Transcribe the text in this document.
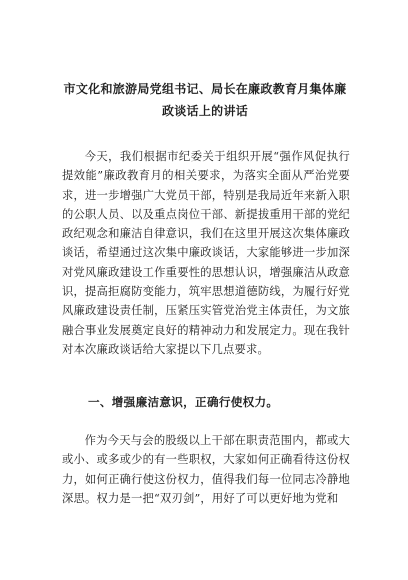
市文化和旅游局党组书记、局长在廉政教育月集体廉政谈话上的讲话

今天，我们根据市纪委关于组织开展“强作风促执行提效能”廉政教育月的相关要求，为落实全面从严治党要求，进一步增强广大党员干部，特别是我局近年来新入职的公职人员、以及重点岗位干部、新提拔重用干部的党纪政纪观念和廉洁自律意识，我们在这里开展这次集体廉政谈话，希望通过这次集中廉政谈话，大家能够进一步加深对党风廉政建设工作重要性的思想认识，增强廉洁从政意识，提高拒腐防变能力，筑牢思想道德防线，为履行好党风廉政建设责任制，压紧压实管党治党主体责任，为文旅融合事业发展奠定良好的精神动力和发展定力。现在我针对本次廉政谈话给大家提以下几点要求。

一、增强廉洁意识，正确行使权力。

作为今天与会的股级以上干部在职责范围内，都或大或小、或多或少的有一些职权，大家如何正确看待这份权力，如何正确行使这份权力，值得我们每一位同志冷静地深思。权力是一把“双刃剑”，用好了可以更好地为党和
